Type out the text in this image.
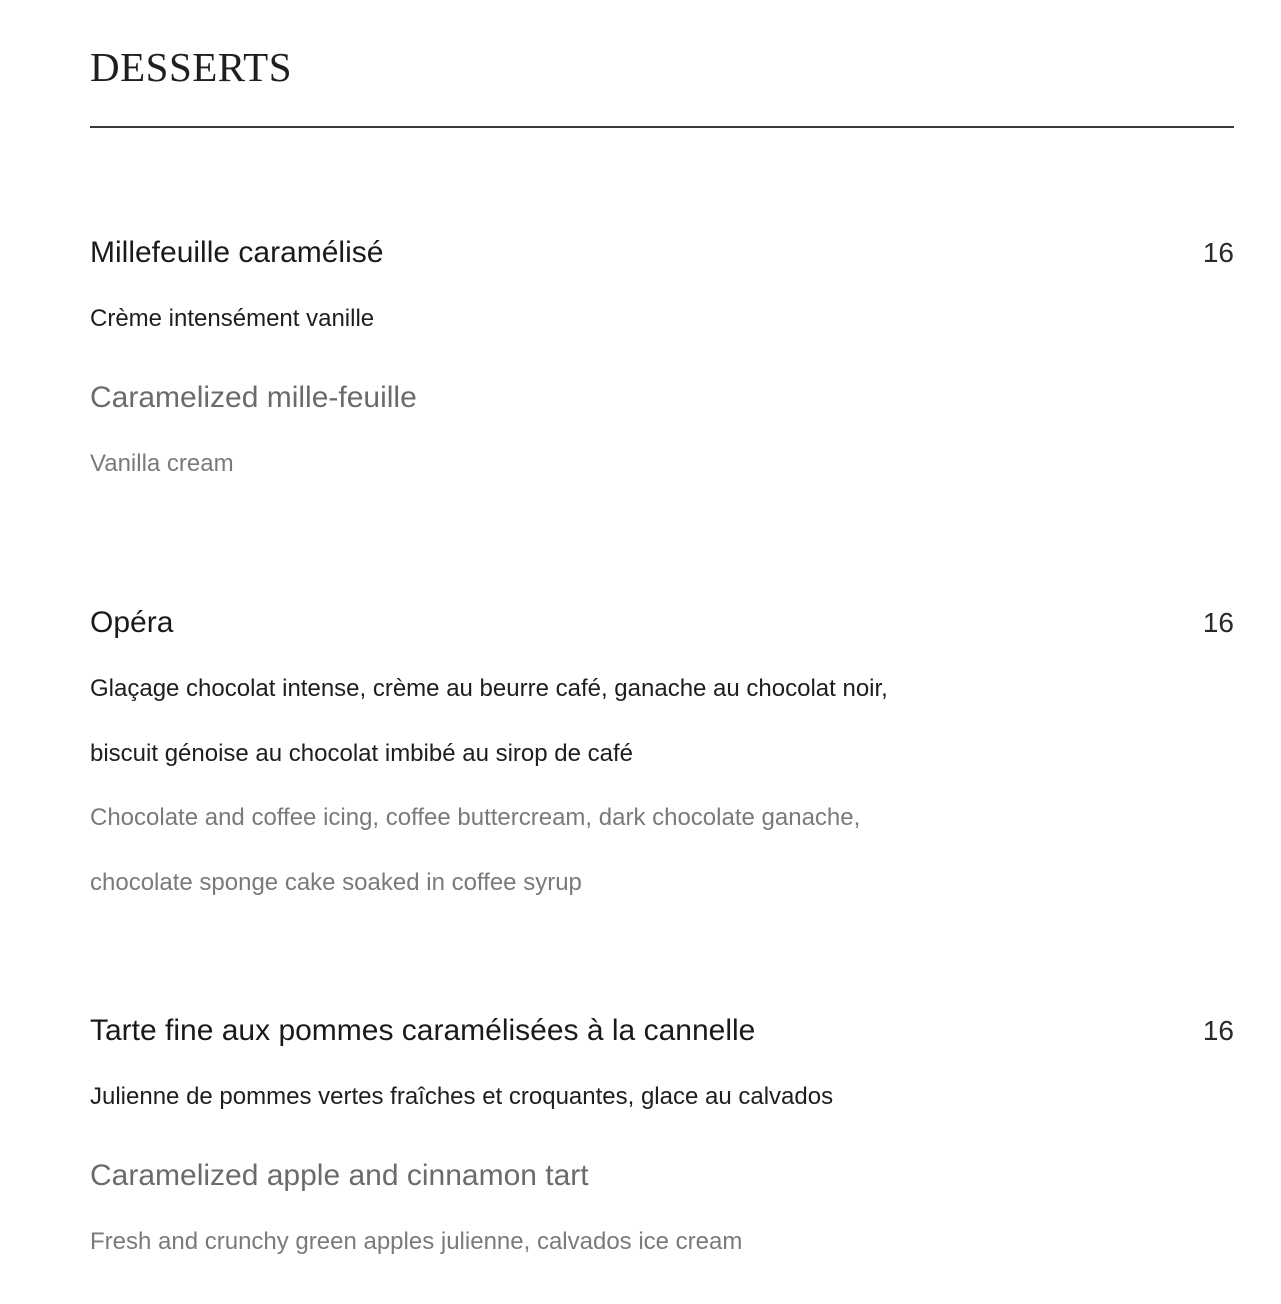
DESSERTS
Millefeuille caramélisé	16
Crème intensément vanille
Caramelized mille-feuille
Vanilla cream
Opéra	16
Glaçage chocolat intense, crème au beurre café, ganache au chocolat noir,
biscuit génoise au chocolat imbibé au sirop de café
Chocolate and coffee icing, coffee buttercream, dark chocolate ganache,
chocolate sponge cake soaked in coffee syrup
Tarte fine aux pommes caramélisées à la cannelle	16
Julienne de pommes vertes fraîches et croquantes, glace au calvados
Caramelized apple and cinnamon tart
Fresh and crunchy green apples julienne, calvados ice cream
